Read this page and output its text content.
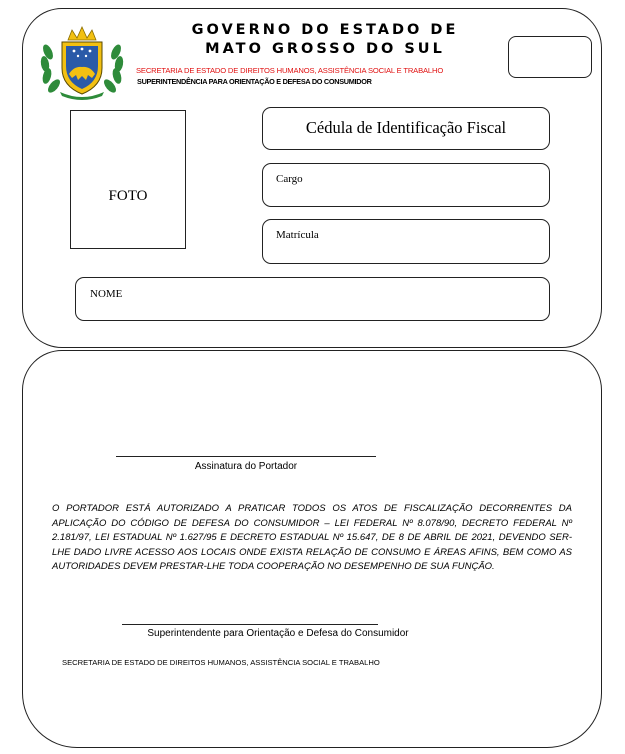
GOVERNO DO ESTADO DE MATO GROSSO DO SUL
SECRETARIA DE ESTADO DE DIREITOS HUMANOS, ASSISTÊNCIA SOCIAL E TRABALHO
SUPERINTENDÊNCIA PARA ORIENTAÇÃO E DEFESA DO CONSUMIDOR
FOTO
Cédula de Identificação Fiscal
Cargo
Matrícula
NOME
Assinatura do Portador
O PORTADOR ESTÁ AUTORIZADO A PRATICAR TODOS OS ATOS DE FISCALIZAÇÃO DECORRENTES DA APLICAÇÃO DO CÓDIGO DE DEFESA DO CONSUMIDOR – LEI FEDERAL Nº 8.078/90, DECRETO FEDERAL Nº 2.181/97, LEI ESTADUAL Nº 1.627/95 E DECRETO ESTADUAL Nº 15.647, DE 8 DE ABRIL DE 2021, DEVENDO SER-LHE DADO LIVRE ACESSO AOS LOCAIS ONDE EXISTA RELAÇÃO DE CONSUMO E ÁREAS AFINS, BEM COMO AS AUTORIDADES DEVEM PRESTAR-LHE TODA COOPERAÇÃO NO DESEMPENHO DE SUA FUNÇÃO.
Superintendente para Orientação e Defesa do Consumidor
SECRETARIA DE ESTADO DE DIREITOS HUMANOS, ASSISTÊNCIA SOCIAL E TRABALHO
